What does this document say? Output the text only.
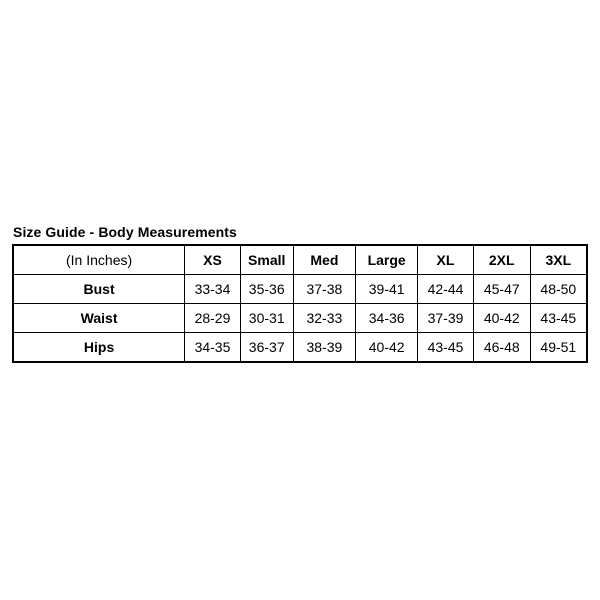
Size Guide - Body Measurements
(In Inches)	XS	Small	Med	Large	XL	2XL	3XL
Bust	33-34	35-36	37-38	39-41	42-44	45-47	48-50
Waist	28-29	30-31	32-33	34-36	37-39	40-42	43-45
Hips	34-35	36-37	38-39	40-42	43-45	46-48	49-51
